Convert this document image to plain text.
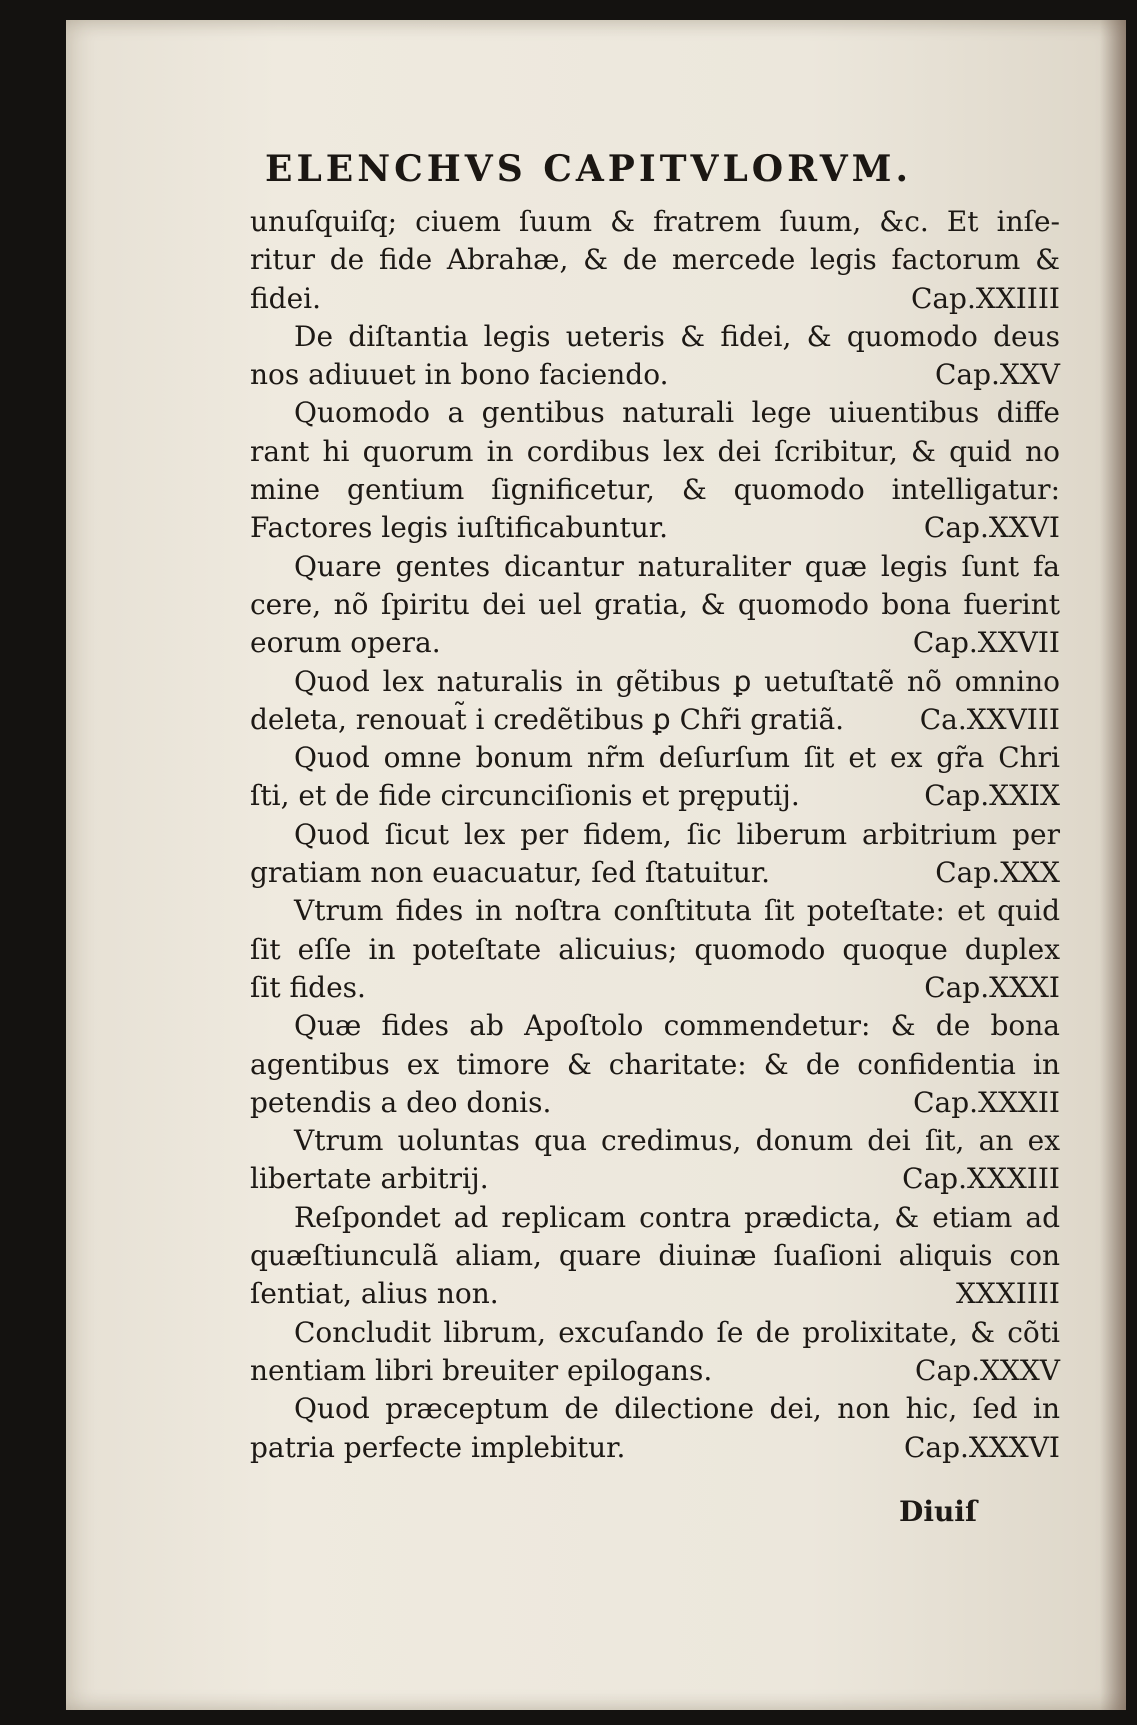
ELENCHVS CAPITVLORVM.
unuſquiſq; ciuem ſuum & fratrem ſuum, &c. Et inſe-
ritur de fide Abrahæ, & de mercede legis factorum &
fidei.	Cap.XXIIII
De diſtantia legis ueteris & fidei, & quomodo deus
nos adiuuet in bono faciendo.	Cap.XXV
Quomodo a gentibus naturali lege uiuentibus diffe
rant hi quorum in cordibus lex dei ſcribitur, & quid no
mine gentium ſignificetur, & quomodo intelligatur:
Factores legis iuſtificabuntur.	Cap.XXVI
Quare gentes dicantur naturaliter quæ legis ſunt fa
cere, nõ ſpiritu dei uel gratia, & quomodo bona fuerint
eorum opera.	Cap.XXVII
Quod lex naturalis in gẽtibus ꝑ uetuſtatẽ nõ omnino
deleta, renouat̃ i credẽtibus ꝑ Chr̃i gratiã.	Ca.XXVIII
Quod omne bonum nr̃m deſurſum ſit et ex gr̃a Chri
ſti, et de fide circunciſionis et pręputij.	Cap.XXIX
Quod ſicut lex per fidem, ſic liberum arbitrium per
gratiam non euacuatur, ſed ſtatuitur.	Cap.XXX
Vtrum fides in noſtra conſtituta ſit poteſtate: et quid
ſit eſſe in poteſtate alicuius; quomodo quoque duplex
ſit fides.	Cap.XXXI
Quæ fides ab Apoſtolo commendetur: & de bona
agentibus ex timore & charitate: & de confidentia in
petendis a deo donis.	Cap.XXXII
Vtrum uoluntas qua credimus, donum dei ſit, an ex
libertate arbitrij.	Cap.XXXIII
Reſpondet ad replicam contra prædicta, & etiam ad
quæſtiunculã aliam, quare diuinæ ſuaſioni aliquis con
ſentiat, alius non.	XXXIIII
Concludit librum, excuſando ſe de prolixitate, & cõti
nentiam libri breuiter epilogans.	Cap.XXXV
Quod præceptum de dilectione dei, non hic, ſed in
patria perfecte implebitur.	Cap.XXXVI
Diuiſ
